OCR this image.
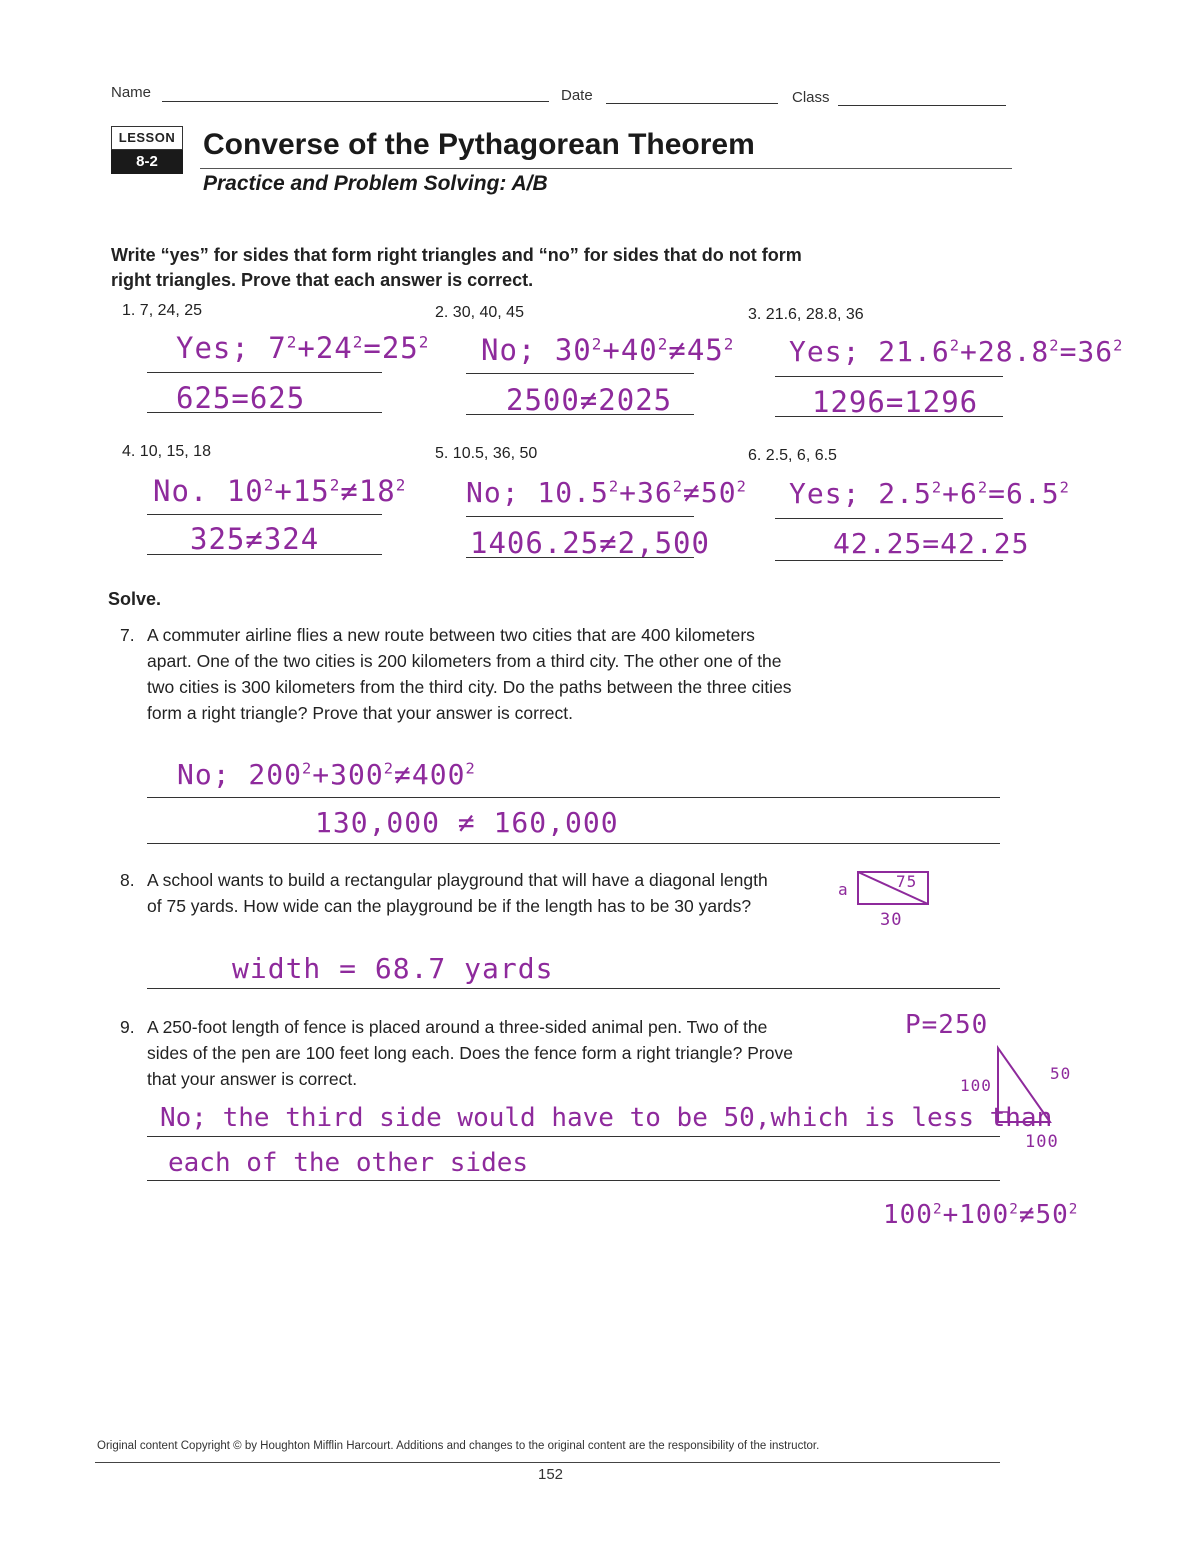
Name	Date	Class
LESSON
8-2
Converse of the Pythagorean Theorem
Practice and Problem Solving: A/B
Write “yes” for sides that form right triangles and “no” for sides that do not form right triangles. Prove that each answer is correct.
1. 7, 24, 25	2. 30, 40, 45	3. 21.6, 28.8, 36
Yes; $7^2+24^2=25^2$
625=625
No; $30^2+40^2\ne 45^2$
2500≠2025
Yes; $21.6^2+28.8^2=36^2$
1296=1296
4. 10, 15, 18	5. 10.5, 36, 50	6. 2.5, 6, 6.5
No. $10^2+15^2\ne 18^2$
325≠324
No; $10.5^2+36^2\ne 50^2$
1406.25≠2,500
Yes; $2.5^2+6^2=6.5^2$
42.25=42.25
Solve.
7. A commuter airline flies a new route between two cities that are 400 kilometers apart. One of the two cities is 200 kilometers from a third city. The other one of the two cities is 300 kilometers from the third city. Do the paths between the three cities form a right triangle? Prove that your answer is correct.
No; $200^2+300^2\ne 400^2$
130,000 ≠ 160,000
8. A school wants to build a rectangular playground that will have a diagonal length of 75 yards. How wide can the playground be if the length has to be 30 yards?
a	75
30
width = 68.7 yards
9. A 250-foot length of fence is placed around a three-sided animal pen. Two of the sides of the pen are 100 feet long each. Does the fence form a right triangle? Prove that your answer is correct.
P=250
100
50
100
No; the third side would have to be 50,which is less than
each of the other sides
$100^2+100^2\ne 50^2$
Original content Copyright © by Houghton Mifflin Harcourt. Additions and changes to the original content are the responsibility of the instructor.
152
